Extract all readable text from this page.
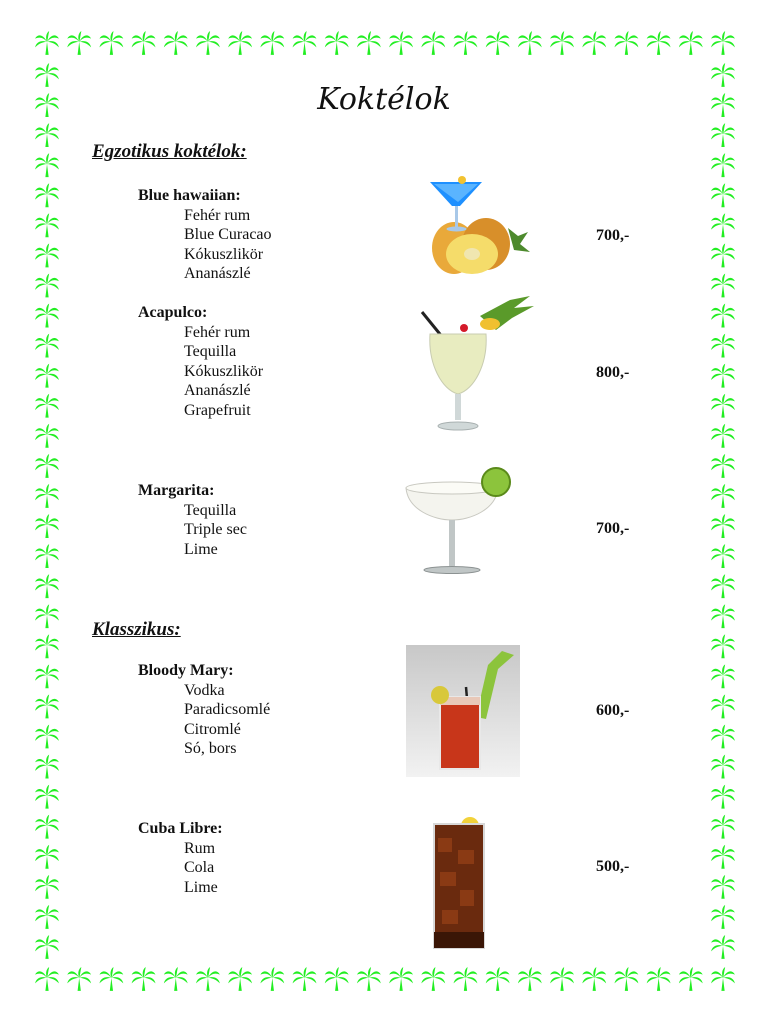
Koktélok
Egzotikus koktélok:
Blue hawaiian:
Fehér rum
Blue Curacao
Kókuszlikör
Ananászlé
700,-
Acapulco:
Fehér rum
Tequilla
Kókuszlikör
Ananászlé
Grapefruit
800,-
Margarita:
Tequilla
Triple sec
Lime
700,-
Klasszikus:
Bloody Mary:
Vodka
Paradicsomlé
Citromlé
Só, bors
600,-
Cuba Libre:
Rum
Cola
Lime
500,-
